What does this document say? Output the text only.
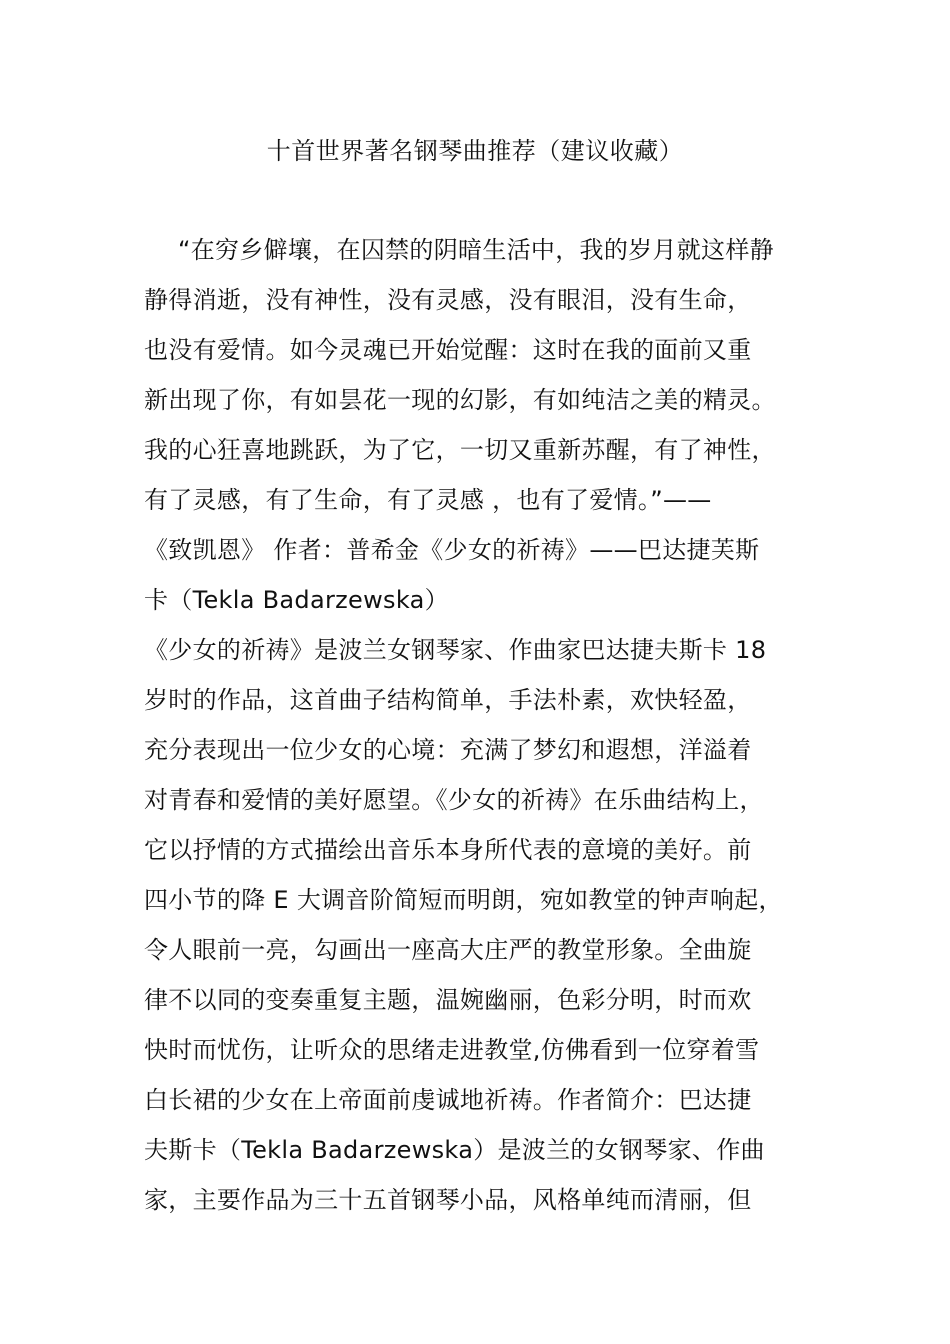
十首世界著名钢琴曲推荐（建议收藏）
“在穷乡僻壤，在囚禁的阴暗生活中，我的岁月就这样静
静得消逝，没有神性，没有灵感，没有眼泪，没有生命，
也没有爱情。如今灵魂已开始觉醒：这时在我的面前又重
新出现了你，有如昙花一现的幻影，有如纯洁之美的精灵。
我的心狂喜地跳跃，为了它，一切又重新苏醒，有了神性，
有了灵感，有了生命，有了灵感 ，也有了爱情。”——
《致凯恩》 作者：普希金《少女的祈祷》——巴达捷芙斯
卡（Tekla Badarzewska）
《少女的祈祷》是波兰女钢琴家、作曲家巴达捷夫斯卡 18
岁时的作品，这首曲子结构简单，手法朴素，欢快轻盈，
充分表现出一位少女的心境：充满了梦幻和遐想，洋溢着
对青春和爱情的美好愿望。《少女的祈祷》在乐曲结构上，
它以抒情的方式描绘出音乐本身所代表的意境的美好。前
四小节的降 E 大调音阶简短而明朗，宛如教堂的钟声响起，
令人眼前一亮，勾画出一座高大庄严的教堂形象。全曲旋
律不以同的变奏重复主题，温婉幽丽，色彩分明，时而欢
快时而忧伤，让听众的思绪走进教堂,仿佛看到一位穿着雪
白长裙的少女在上帝面前虔诚地祈祷。作者简介：巴达捷
夫斯卡（Tekla Badarzewska）是波兰的女钢琴家、作曲
家，主要作品为三十五首钢琴小品，风格单纯而清丽，但
